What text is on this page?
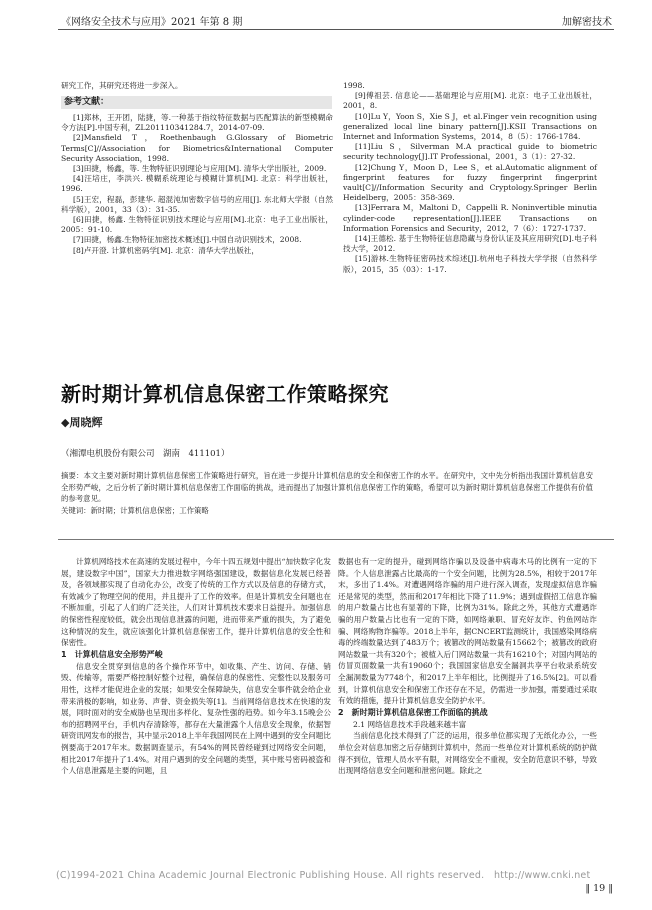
《网络安全技术与应用》2021 年第 8 期	加解密技术
研究工作，其研究还将进一步深入。
参考文献：

[1]郑林，王开团，陆捷，等.一种基于指纹特征数据与匹配算法的新型模糊命令方法[P].中国专利，ZL201110341284.7，2014-07-09.

[2]Mansfield T，Roethenbaugh G.Glossary of Biometric Terms[C]//Association for Biometrics&International Computer Security Association，1998.

[3]田捷，杨鑫，等. 生物特征识别理论与应用[M]. 清华大学出版社，2009.

[4]汪培庄，李洪兴. 模糊系统理论与模糊计算机[M]. 北京：科学出版社，1996.

[5]王宏，程磊，彭建华. 超混沌加密数字信号的应用[J]. 东北师大学报（自然科学版），2001，33（3）：31-35.

[6]田捷，杨鑫. 生物特征识别技术理论与应用[M].北京：电子工业出版社，2005：91-10.

[7]田捷，杨鑫.生物特征加密技术概述[J].中国自动识别技术，2008.

[8]卢开澄. 计算机密码学[M]. 北京：清华大学出版社，

1998.

[9]傅祖芸. 信息论——基础理论与应用[M]. 北京：电子工业出版社，2001，8.

[10]Lu Y，Yoon S，Xie S J，et al.Finger vein recognition using generalized local line binary pattern[J].KSII Transactions on Internet and Information Systems，2014，8（5）：1766-1784.

[11]Liu S，Silverman M.A practical guide to biometric security technology[J].IT Professional，2001，3（1）：27-32.

[12]Chung Y，Moon D，Lee S，et al.Automatic alignment of fingerprint features for fuzzy fingerprint fingerprint vault[C]//Information Security and Cryptology.Springer Berlin Heidelberg，2005：358-369.

[13]Ferrara M，Maltoni D，Cappelli R. Noninvertible minutia cylinder-code representation[J].IEEE Transactions on Information Forensics and Security，2012，7（6）：1727-1737.

[14]王德松. 基于生物特征信息隐藏与身份认证及其应用研究[D].电子科技大学，2012.

[15]游林.生物特征密码技术综述[J].杭州电子科技大学学报（自然科学版），2015，35（03）：1-17.

新时期计算机信息保密工作策略探究
◆周晓辉
（湘潭电机股份有限公司　湖南　411101）

摘要：本文主要对新时期计算机信息保密工作策略进行研究，旨在进一步提升计算机信息的安全和保密工作的水平。在研究中，文中先分析指出我国计算机信息安全形势严峻，之后分析了新时期计算机信息保密工作面临的挑战，进而提出了加强计算机信息保密工作的策略，希望可以为新时期计算机信息保密工作提供有价值的参考意见。

关键词：新时期；计算机信息保密；工作策略

计算机网络技术在高速的发展过程中，今年十四五规划中提出“加快数字化发展，建设数字中国”，国家大力推进数字网络强国建设，数据信息化发展已经普及，各领域都实现了自动化办公，改变了传统的工作方式以及信息的存储方式，有效减少了物理空间的使用，并且提升了工作的效率。但是计算机安全问题也在不断加重，引起了人们的广泛关注，人们对计算机技术要求日益提升。加强信息的保密性程度较低，就会出现信息泄露的问题，进而带来严重的损失，为了避免这种情况的发生，就应该强化计算机信息保密工作，提升计算机信息的安全性和保密性。

1　计算机信息安全形势严峻

信息安全贯穿到信息的各个操作环节中，如收集、产生、访问、存储、销毁、传输等，需要严格控制好整个过程，确保信息的保密性、完整性以及服务可用性，这样才能促进企业的发展；如果安全保障缺失，信息安全事件就会给企业带来消极的影响，如业务、声誉、资金损失等[1]。当前网络信息技术在快速的发展，同时面对的安全威胁也呈现出多样化、复杂性强的趋势。如今年3.15晚会公布的招聘网平台，手机内存清除等，都存在大量泄露个人信息安全现象，依据智研资讯网发布的报告，其中显示2018上半年我国网民在上网中遇到的安全问题比例要高于2017年末。数据调查显示，有54%的网民曾经碰到过网络安全问题，相比2017年提升了1.4%。对用户遇到的安全问题的类型，其中账号密码被盗和个人信息泄露是主要的问题，且

数据也有一定的提升，碰到网络诈骗以及设备中病毒木马的比例有一定的下降。个人信息泄露占比最高的一个安全问题，比例为28.5%，相较于2017年末，多出了1.4%。对遭遇网络诈骗的用户进行深入调查，发现虚拟信息诈骗还是常见的类型，然而和2017年相比下降了11.9%；遇到虚假招工信息诈骗的用户数量占比也有显著的下降，比例为31%。除此之外，其他方式遭遇诈骗的用户数量占比也有一定的下降，如网络兼职、冒充好友诈、钓鱼网站诈骗、网络购物诈骗等。2018上半年，据CNCERT监测统计，我国感染网络病毒的终端数量达到了483万个；被篡改的网站数量有15662个；被篡改的政府网站数量一共有320个；被植入后门网站数量一共有16210个；对国内网站的仿冒页面数量一共有19060个；我国国家信息安全漏洞共享平台收录系统安全漏洞数量为7748个，和2017上半年相比，比例提升了16.5%[2]。可以看到，计算机信息安全和保密工作还存在不足，仍需进一步加强，需要通过采取有效的措施，提升计算机信息安全防护水平。

2　新时期计算机信息保密工作面临的挑战

2.1 网络信息技术手段越来越丰富

当前信息化技术得到了广泛的运用，很多单位都实现了无纸化办公，一些单位会对信息加密之后存储到计算机中，然而一些单位对计算机系统的防护做得不到位，管理人员水平有限，对网络安全不重视，安全防范意识不够，导致出现网络信息安全问题和泄密问题。除此之

(C)1994-2021 China Academic Journal Electronic Publishing House. All rights reserved.　http://www.cnki.net
‖ 19 ‖
